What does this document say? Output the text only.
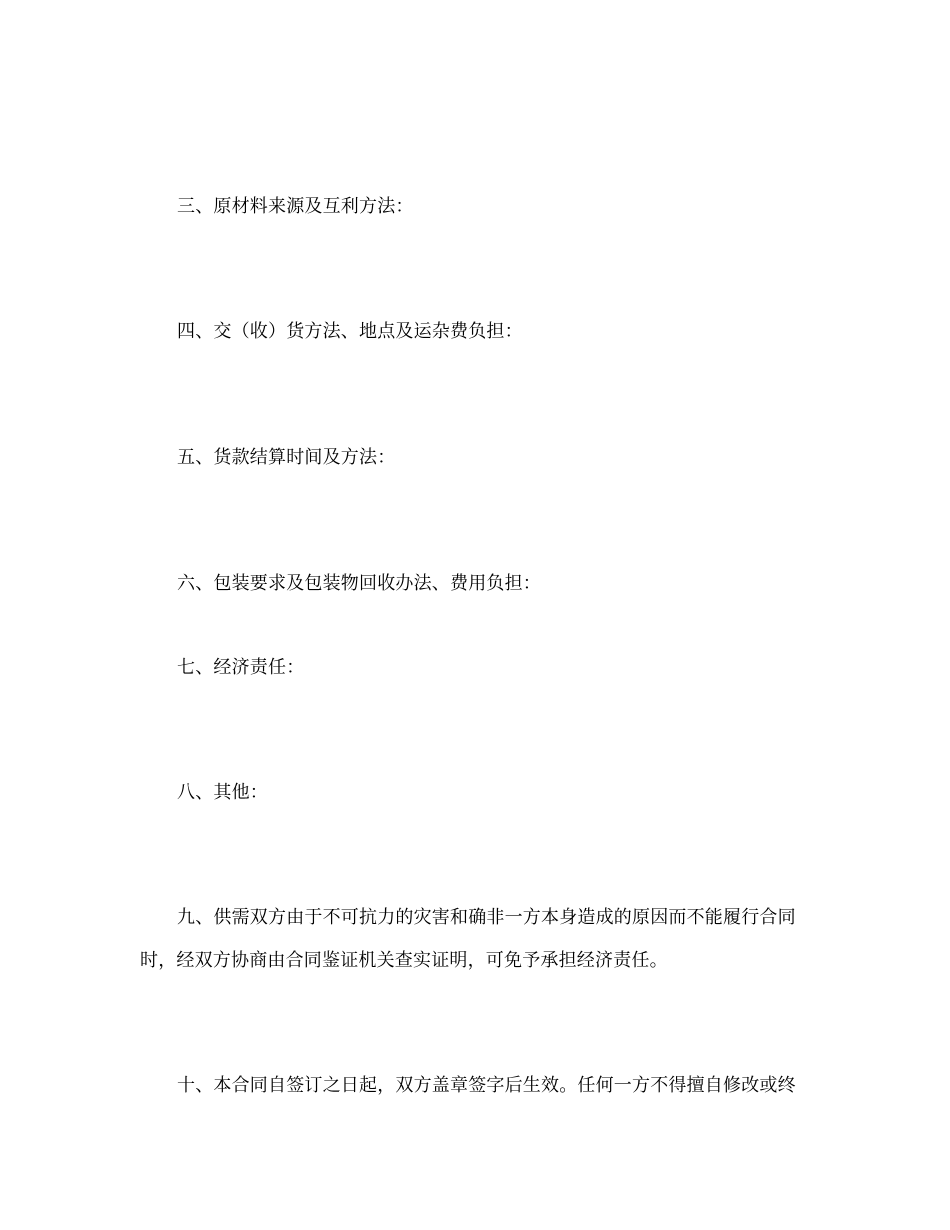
三、原材料来源及互利方法：
四、交（收）货方法、地点及运杂费负担：
五、货款结算时间及方法：
六、包装要求及包装物回收办法、费用负担：
七、经济责任：
八、其他：
九、供需双方由于不可抗力的灾害和确非一方本身造成的原因而不能履行合同
时，经双方协商由合同鉴证机关查实证明，可免予承担经济责任。
十、本合同自签订之日起，双方盖章签字后生效。任何一方不得擅自修改或终
